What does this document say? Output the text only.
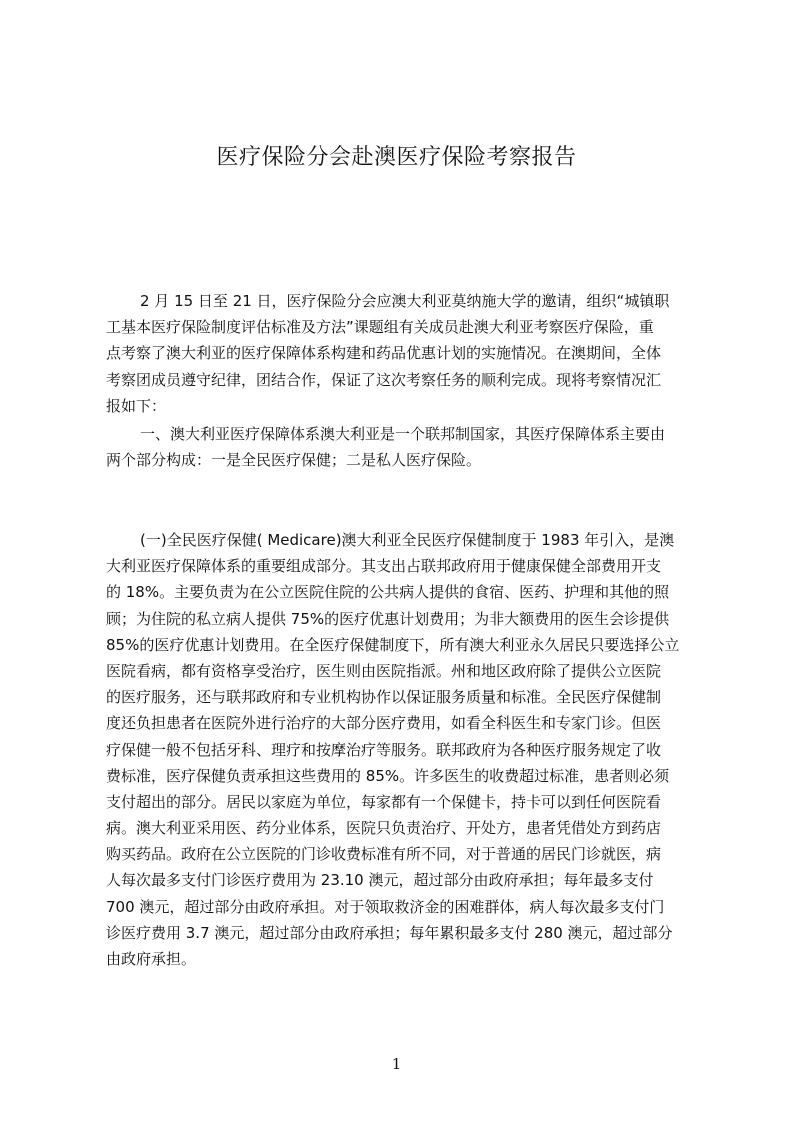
医疗保险分会赴澳医疗保险考察报告
2 月 15 日至 21 日，医疗保险分会应澳大利亚莫纳施大学的邀请，组织“城镇职
工基本医疗保险制度评估标准及方法”课题组有关成员赴澳大利亚考察医疗保险，重
点考察了澳大利亚的医疗保障体系构建和药品优惠计划的实施情况。在澳期间，全体
考察团成员遵守纪律，团结合作，保证了这次考察任务的顺利完成。现将考察情况汇
报如下：
一、澳大利亚医疗保障体系澳大利亚是一个联邦制国家，其医疗保障体系主要由
两个部分构成：一是全民医疗保健；二是私人医疗保险。
(一)全民医疗保健( Medicare)澳大利亚全民医疗保健制度于 1983 年引入，是澳
大利亚医疗保障体系的重要组成部分。其支出占联邦政府用于健康保健全部费用开支
的 18%。主要负责为在公立医院住院的公共病人提供的食宿、医药、护理和其他的照
顾；为住院的私立病人提供 75%的医疗优惠计划费用；为非大额费用的医生会诊提供
85%的医疗优惠计划费用。在全医疗保健制度下，所有澳大利亚永久居民只要选择公立
医院看病，都有资格享受治疗，医生则由医院指派。州和地区政府除了提供公立医院
的医疗服务，还与联邦政府和专业机构协作以保证服务质量和标准。全民医疗保健制
度还负担患者在医院外进行治疗的大部分医疗费用，如看全科医生和专家门诊。但医
疗保健一般不包括牙科、理疗和按摩治疗等服务。联邦政府为各种医疗服务规定了收
费标准，医疗保健负责承担这些费用的 85%。许多医生的收费超过标准，患者则必须
支付超出的部分。居民以家庭为单位，每家都有一个保健卡，持卡可以到任何医院看
病。澳大利亚采用医、药分业体系，医院只负责治疗、开处方，患者凭借处方到药店
购买药品。政府在公立医院的门诊收费标准有所不同，对于普通的居民门诊就医，病
人每次最多支付门诊医疗费用为 23.10 澳元，超过部分由政府承担；每年最多支付
700 澳元，超过部分由政府承担。对于领取救济金的困难群体，病人每次最多支付门
诊医疗费用 3.7 澳元，超过部分由政府承担；每年累积最多支付 280 澳元，超过部分
由政府承担。
1
